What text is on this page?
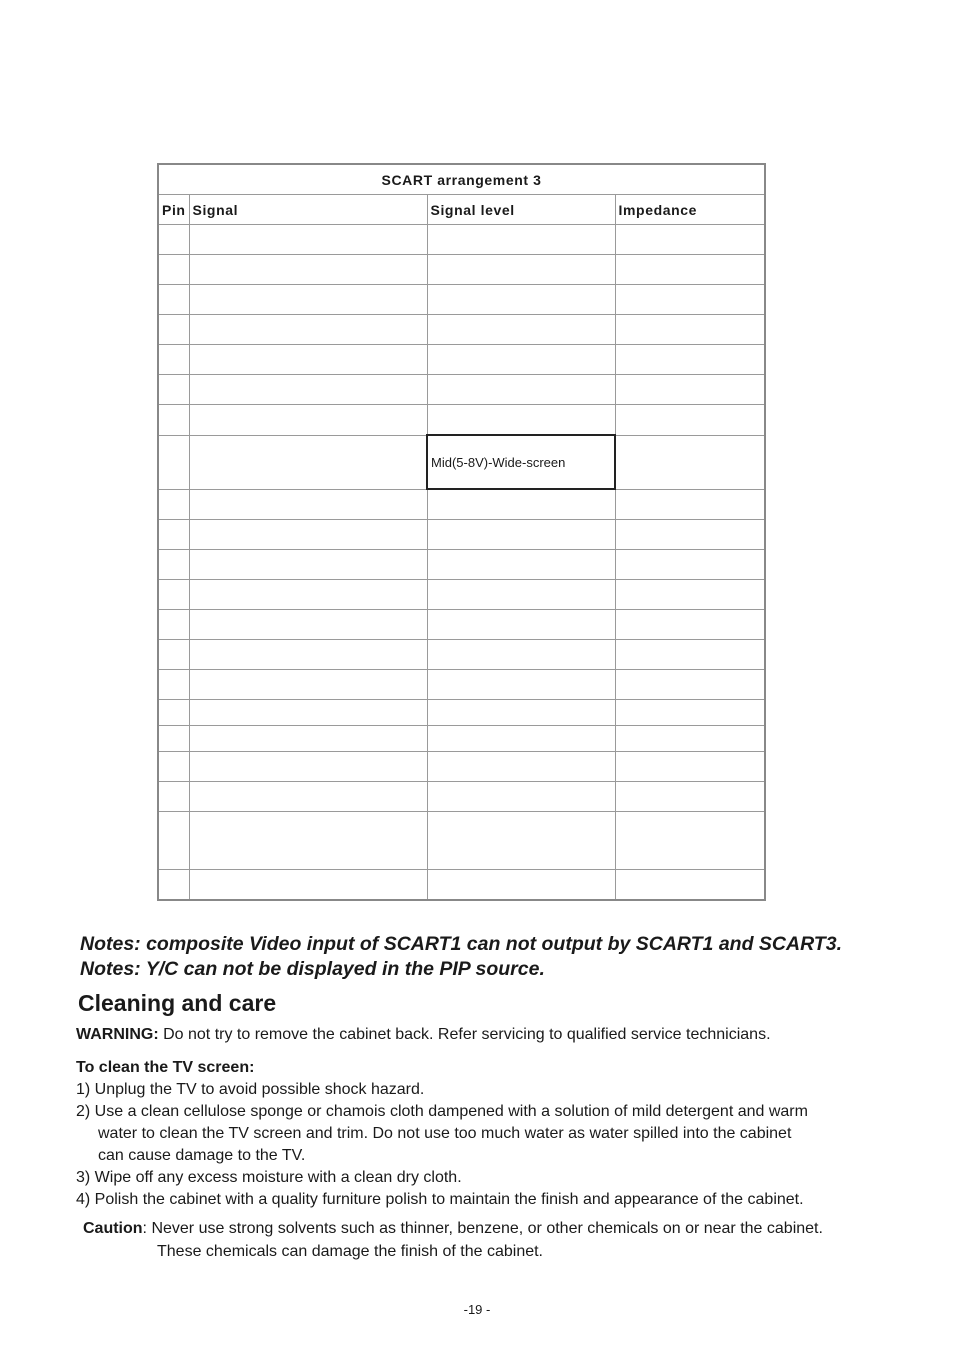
SCART arrangement 3			
Pin	Signal	Signal level	Impedance

		Mid(5-8V)-Wide-screen	

Notes: composite Video input of SCART1 can not output by SCART1 and SCART3.
Notes: Y/C can not be displayed in the PIP source.
Cleaning and care
WARNING: Do not try to remove the cabinet back. Refer servicing to qualified service technicians.
To clean the TV screen:
1) Unplug the TV to avoid possible shock hazard.
2) Use a clean cellulose sponge or chamois cloth dampened with a solution of mild detergent and warm
water to clean the TV screen and trim. Do not use too much water as water spilled into the cabinet
can cause damage to the TV.
3) Wipe off any excess moisture with a clean dry cloth.
4) Polish the cabinet with a quality furniture polish to maintain the finish and appearance of the cabinet.
Caution: Never use strong solvents such as thinner, benzene, or other chemicals on or near the cabinet.
These chemicals can damage the finish of the cabinet.
-19 -
